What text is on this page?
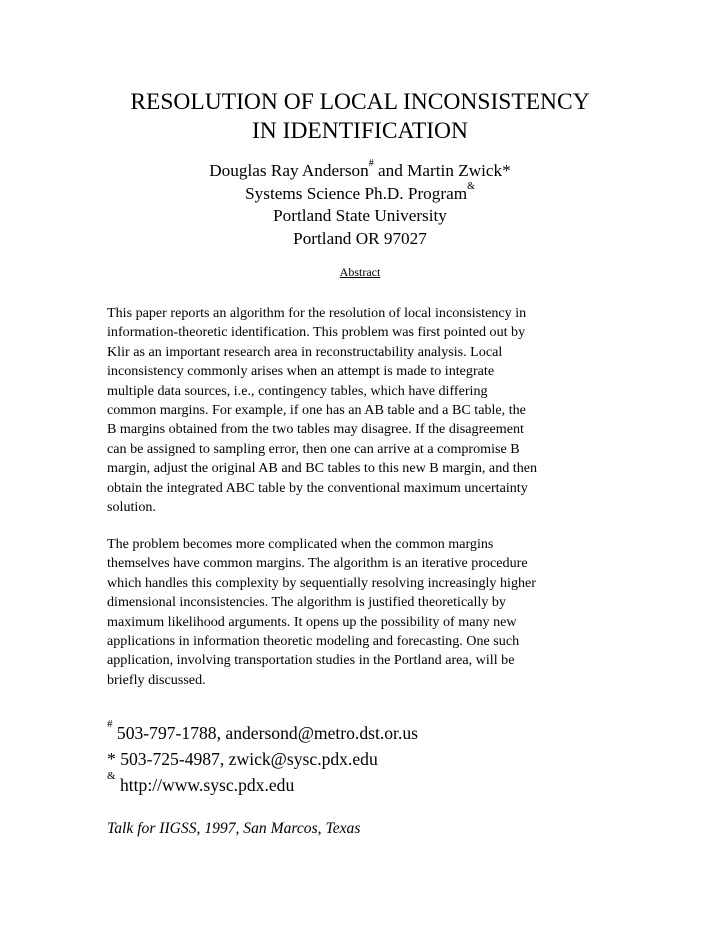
RESOLUTION OF LOCAL INCONSISTENCY
IN IDENTIFICATION
Douglas Ray Anderson# and Martin Zwick*
Systems Science Ph.D. Program&
Portland State University
Portland OR 97027
Abstract
This paper reports an algorithm for the resolution of local inconsistency in
information-theoretic identification. This problem was first pointed out by
Klir as an important research area in reconstructability analysis. Local
inconsistency commonly arises when an attempt is made to integrate
multiple data sources, i.e., contingency tables, which have differing
common margins. For example, if one has an AB table and a BC table, the
B margins obtained from the two tables may disagree. If the disagreement
can be assigned to sampling error, then one can arrive at a compromise B
margin, adjust the original AB and BC tables to this new B margin, and then
obtain the integrated ABC table by the conventional maximum uncertainty
solution.
The problem becomes more complicated when the common margins
themselves have common margins. The algorithm is an iterative procedure
which handles this complexity by sequentially resolving increasingly higher
dimensional inconsistencies. The algorithm is justified theoretically by
maximum likelihood arguments. It opens up the possibility of many new
applications in information theoretic modeling and forecasting. One such
application, involving transportation studies in the Portland area, will be
briefly discussed.
# 503-797-1788, andersond@metro.dst.or.us
* 503-725-4987, zwick@sysc.pdx.edu
& http://www.sysc.pdx.edu
Talk for IIGSS, 1997, San Marcos, Texas
